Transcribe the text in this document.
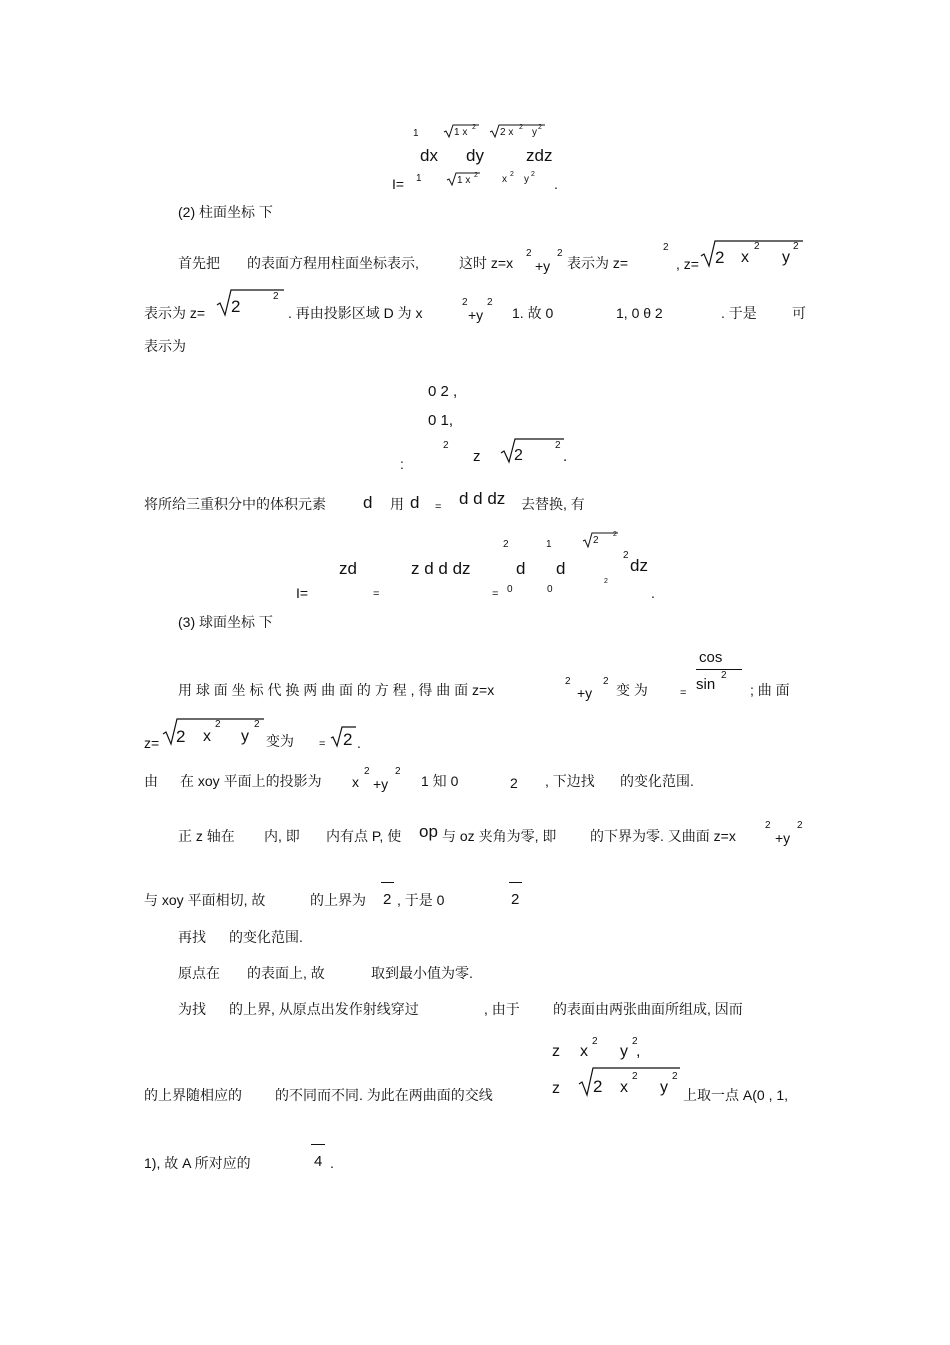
1	1 x 2 2 x 2 y 2
dx dy zdz
I= 1	1 x 2 x 2 y 2
.
(2) 柱面坐标 下
首先把 的表面方程用柱面坐标表示,	这时 z=x
2
+y
2
表示为 z=
2
, z= 2 x
2
y
2
表示为 z= 2
2
. 再由投影区域 D 为 x
2
+y
2
1. 故 0	1, 0 θ 2	. 于是	可
表示为
0 2 ,
0 1,
:
2
z 2
2
.
将所给三重积分中的体积元素 d 用 d = d d dz 去替换, 有
2	1	2
2
zd	z d d dz	d d
2
dz
I=	=	= 0	0
2
.
(3) 球面坐标 下
cos
sin
2
用 球 面 坐 标 代 换 两 曲 面 的 方 程 , 得 曲 面 z=x
2
+y
2
变 为	=	; 曲 面
z= 2 x
2
y
2
变为 = 2 .
由 在 xoy 平面上的投影为 x
2
+y
2
1 知 0	2 , 下边找 的变化范围.
正 z 轴在 内, 即 内有点 P, 使 op 与 oz 夹角为零, 即 的下界为零. 又曲面 z=x
2
+y
2
与 xoy 平面相切, 故	的上界为 2 , 于是 0	2
再找 的变化范围.
原点在 的表面上, 故	取到最小值为零.
为找 的上界, 从原点出发作射线穿过	, 由于 的表面由两张曲面所组成, 因而
z x
2
y
2
,
的上界随相应的 的不同而不同. 为此在两曲面的交线	z 2 x
2
y
2
上取一点 A(0 , 1,
1), 故 A 所对应的	4 .
